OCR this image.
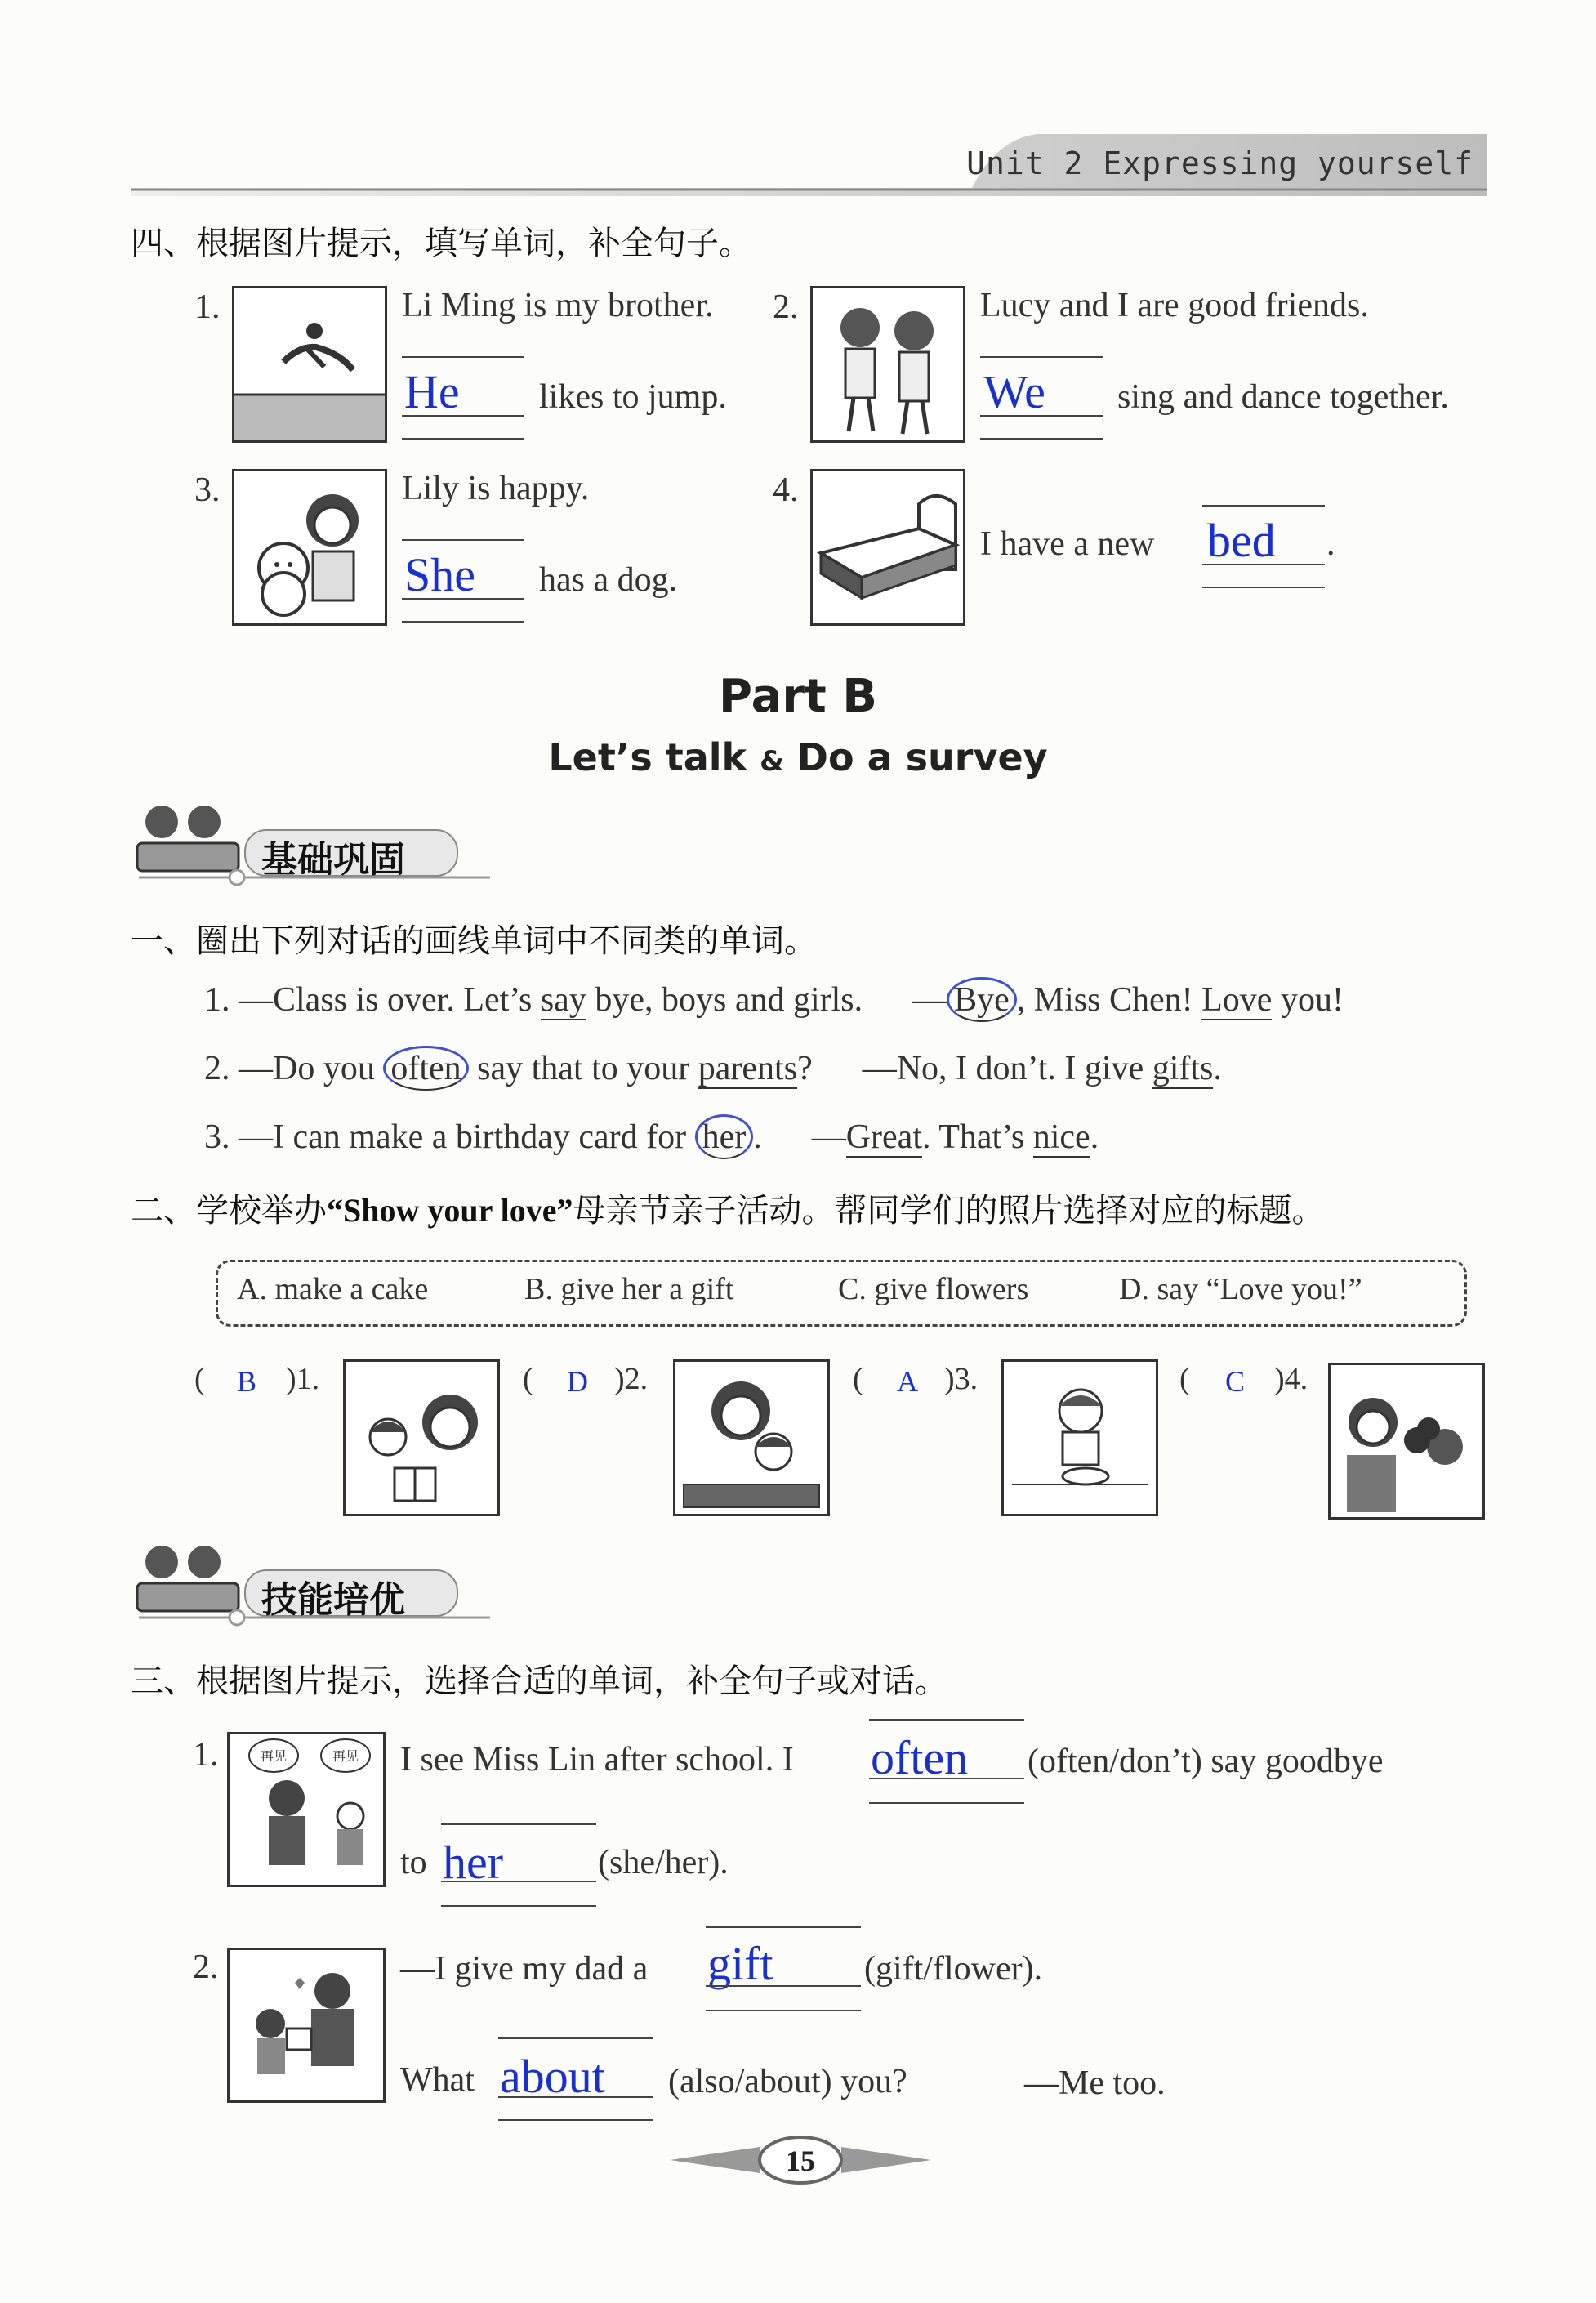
Unit 2 Expressing yourself
四、根据图片提示，填写单词，补全句子。
1.	Li Ming is my brother.
He likes to jump.
2.	Lucy and I are good friends.
We sing and dance together.
3.	Lily is happy.
She has a dog.
4.
I have a new bed .
Part B
Let’s talk & Do a survey
基础巩固
一、圈出下列对话的画线单词中不同类的单词。
1. —Class is over. Let’s say bye, boys and girls. — Bye , Miss Chen! Love you!
2. —Do you often say that to your parents? —No, I don’t. I give gifts.
3. —I can make a birthday card for her . —Great. That’s nice.
二、学校举办“Show your love”母亲节亲子活动。帮同学们的照片选择对应的标题。
A. make a cake	B. give her a gift	C. give flowers	D. say “Love you!”
( B )1.	( D )2.	( A )3.	( C )4.
技能培优
三、根据图片提示，选择合适的单词，补全句子或对话。
1.	再见	再见 I see Miss Lin after school. I often (often/don’t) say goodbye
to her	(she/her).
2.	—I give my dad a gift	(gift/flower).
What about (also/about) you?	—Me too.
15
